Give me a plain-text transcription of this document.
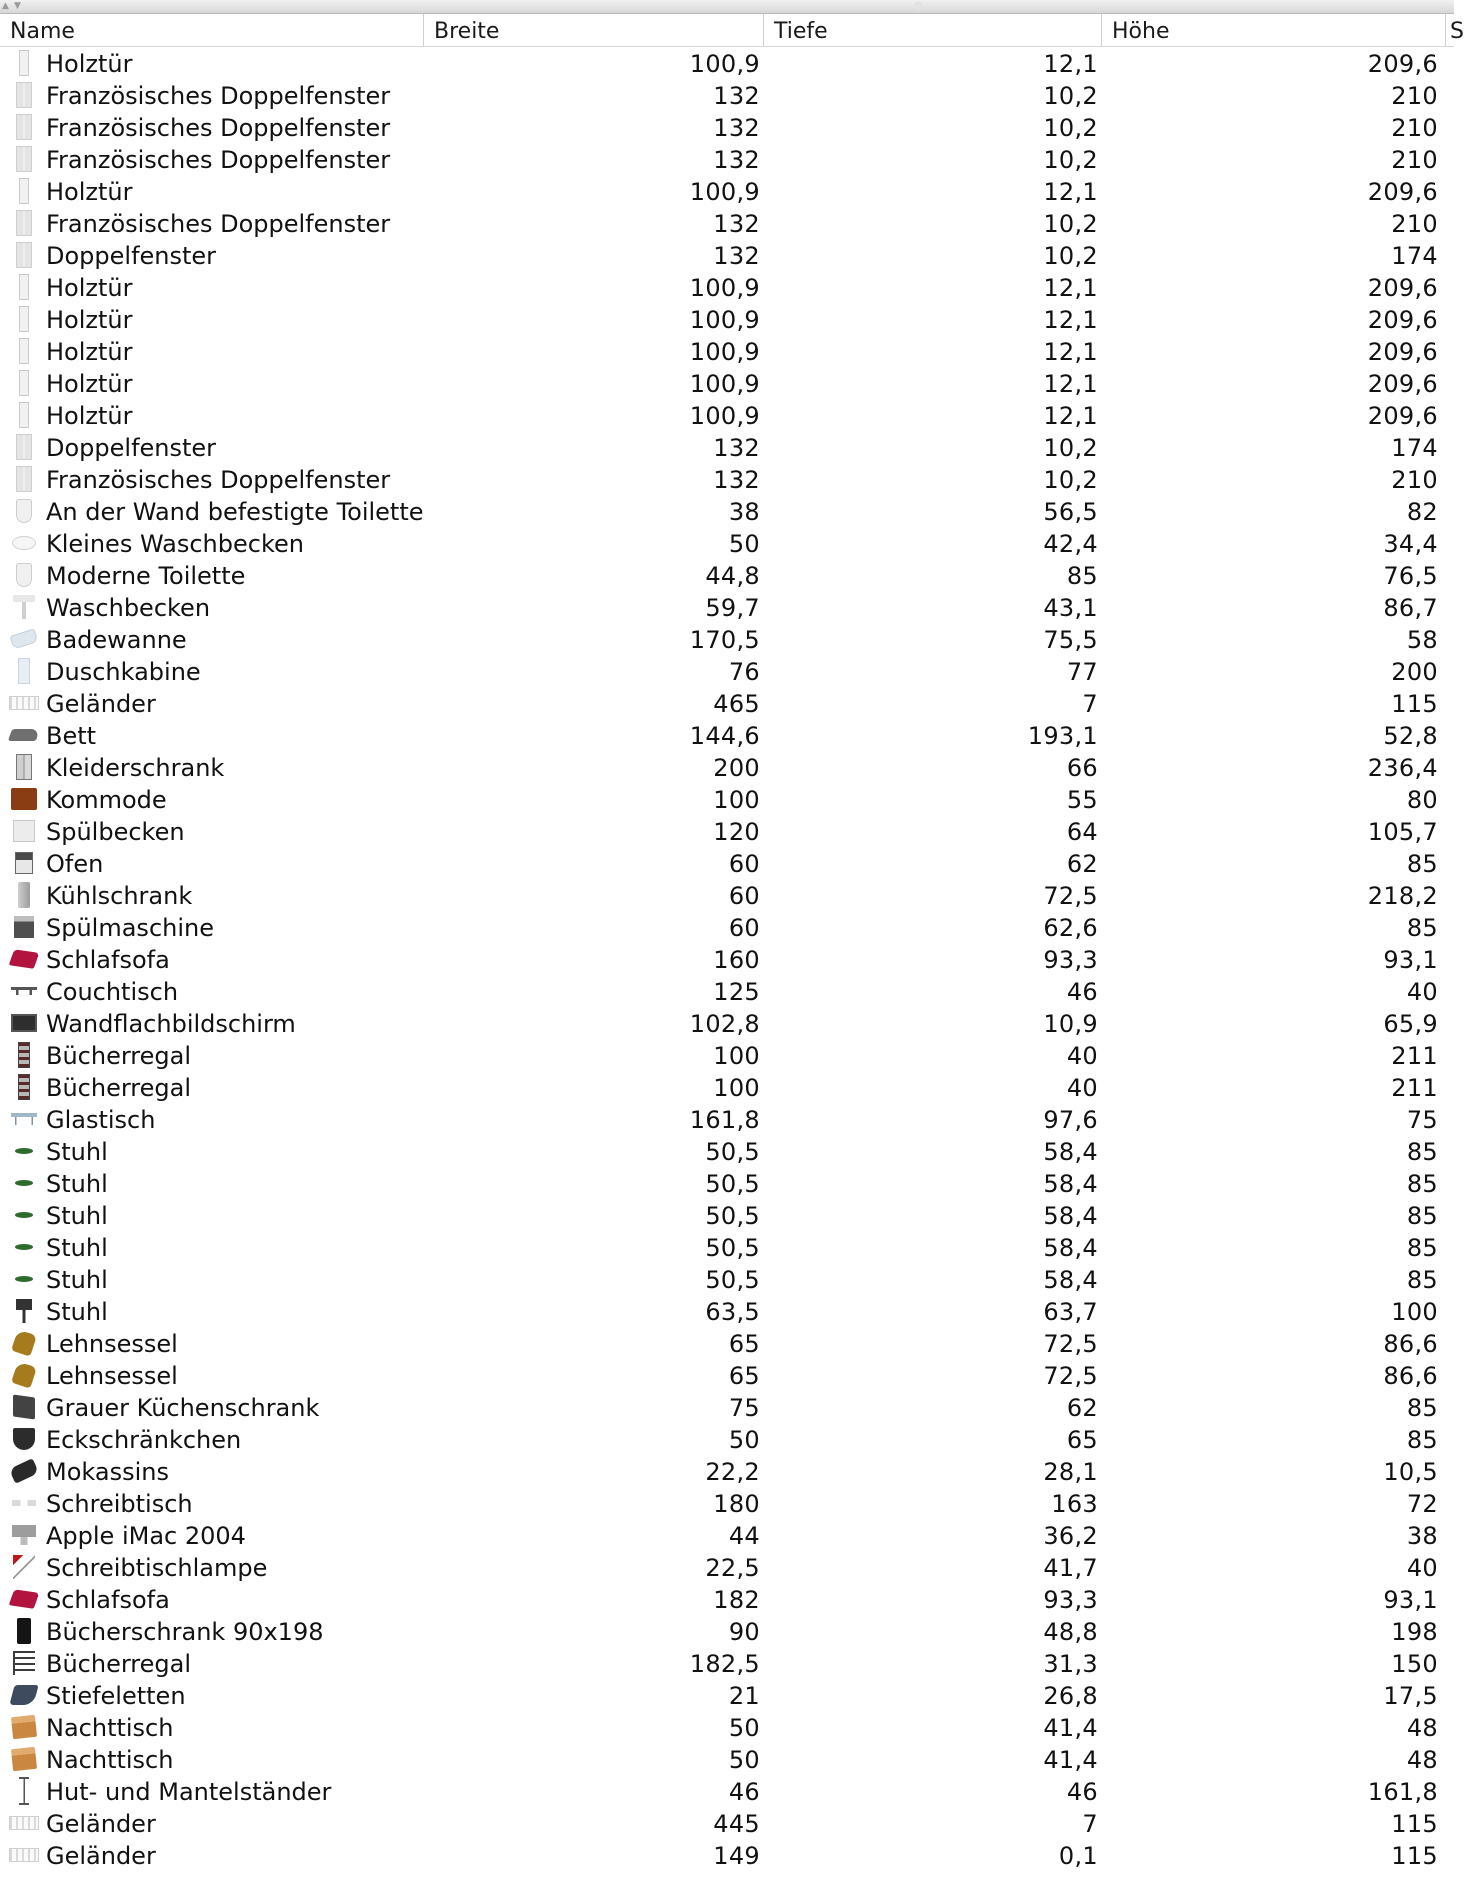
▲ ▼
Name	Breite	Tiefe	Höhe	S
Holztür	100,9	12,1	209,6
Französisches Doppelfenster	132	10,2	210
Französisches Doppelfenster	132	10,2	210
Französisches Doppelfenster	132	10,2	210
Holztür	100,9	12,1	209,6
Französisches Doppelfenster	132	10,2	210
Doppelfenster	132	10,2	174
Holztür	100,9	12,1	209,6
Holztür	100,9	12,1	209,6
Holztür	100,9	12,1	209,6
Holztür	100,9	12,1	209,6
Holztür	100,9	12,1	209,6
Doppelfenster	132	10,2	174
Französisches Doppelfenster	132	10,2	210
An der Wand befestigte Toilette	38	56,5	82
Kleines Waschbecken	50	42,4	34,4
Moderne Toilette	44,8	85	76,5
Waschbecken	59,7	43,1	86,7
Badewanne	170,5	75,5	58
Duschkabine	76	77	200
Geländer	465	7	115
Bett	144,6	193,1	52,8
Kleiderschrank	200	66	236,4
Kommode	100	55	80
Spülbecken	120	64	105,7
Ofen	60	62	85
Kühlschrank	60	72,5	218,2
Spülmaschine	60	62,6	85
Schlafsofa	160	93,3	93,1
Couchtisch	125	46	40
Wandflachbildschirm	102,8	10,9	65,9
Bücherregal	100	40	211
Bücherregal	100	40	211
Glastisch	161,8	97,6	75
Stuhl	50,5	58,4	85
Stuhl	50,5	58,4	85
Stuhl	50,5	58,4	85
Stuhl	50,5	58,4	85
Stuhl	50,5	58,4	85
Stuhl	63,5	63,7	100
Lehnsessel	65	72,5	86,6
Lehnsessel	65	72,5	86,6
Grauer Küchenschrank	75	62	85
Eckschränkchen	50	65	85
Mokassins	22,2	28,1	10,5
Schreibtisch	180	163	72
Apple iMac 2004	44	36,2	38
Schreibtischlampe	22,5	41,7	40
Schlafsofa	182	93,3	93,1
Bücherschrank 90x198	90	48,8	198
Bücherregal	182,5	31,3	150
Stiefeletten	21	26,8	17,5
Nachttisch	50	41,4	48
Nachttisch	50	41,4	48
Hut- und Mantelständer	46	46	161,8
Geländer	445	7	115
Geländer	149	0,1	115
